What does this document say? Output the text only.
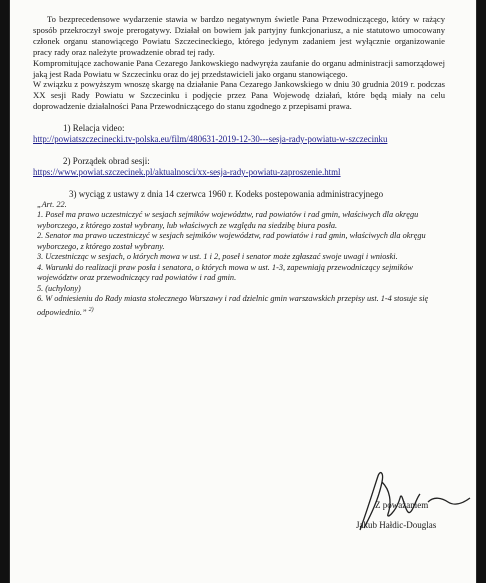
To bezprecedensowe wydarzenie stawia w bardzo negatywnym świetle Pana Przewodniczącego, który w rażący sposób przekroczył swoje prerogatywy. Działał on bowiem jak partyjny funkcjonariusz, a nie statutowo umocowany członek organu stanowiącego Powiatu Szczecineckiego, którego jedynym zadaniem jest wyłącznie organizowanie pracy rady oraz należyte prowadzenie obrad tej rady.

Kompromitujące zachowanie Pana Cezarego Jankowskiego nadwyręża zaufanie do organu administracji samorządowej jaką jest Rada Powiatu w Szczecinku oraz do jej przedstawicieli jako organu stanowiącego.

W związku z powyższym wnoszę skargę na działanie Pana Cezarego Jankowskiego w dniu 30 grudnia 2019 r. podczas XX sesji Rady Powiatu w Szczecinku i podjęcie przez Pana Wojewodę działań, które będą miały na celu doprowadzenie działalności Pana Przewodniczącego do stanu zgodnego z przepisami prawa.

1) Relacja video:

http://powiatszczecinecki.tv-polska.eu/film/480631-2019-12-30---sesja-rady-powiatu-w-szczecinku

2) Porządek obrad sesji:

https://www.powiat.szczecinek.pl/aktualnosci/xx-sesja-rady-powiatu-zaproszenie.html

3) wyciąg z ustawy z dnia 14 czerwca 1960 r. Kodeks postepowania administracyjnego

„Art. 22.

1. Poseł ma prawo uczestniczyć w sesjach sejmików województw, rad powiatów i rad gmin, właściwych dla okręgu wyborczego, z którego został wybrany, lub właściwych ze względu na siedzibę biura posła.

2. Senator ma prawo uczestniczyć w sesjach sejmików województw, rad powiatów i rad gmin, właściwych dla okręgu wyborczego, z którego został wybrany.

3. Uczestnicząc w sesjach, o których mowa w ust. 1 i 2, poseł i senator może zgłaszać swoje uwagi i wnioski.

4. Warunki do realizacji praw posła i senatora, o których mowa w ust. 1-3, zapewniają przewodniczący sejmików województw oraz przewodniczący rad powiatów i rad gmin.

5. (uchylony)

6. W odniesieniu do Rady miasta stołecznego Warszawy i rad dzielnic gmin warszawskich przepisy ust. 1-4 stosuje się odpowiednio.” $^{2)}$

Z poważaniem
Jakub Hałdic-Douglas
